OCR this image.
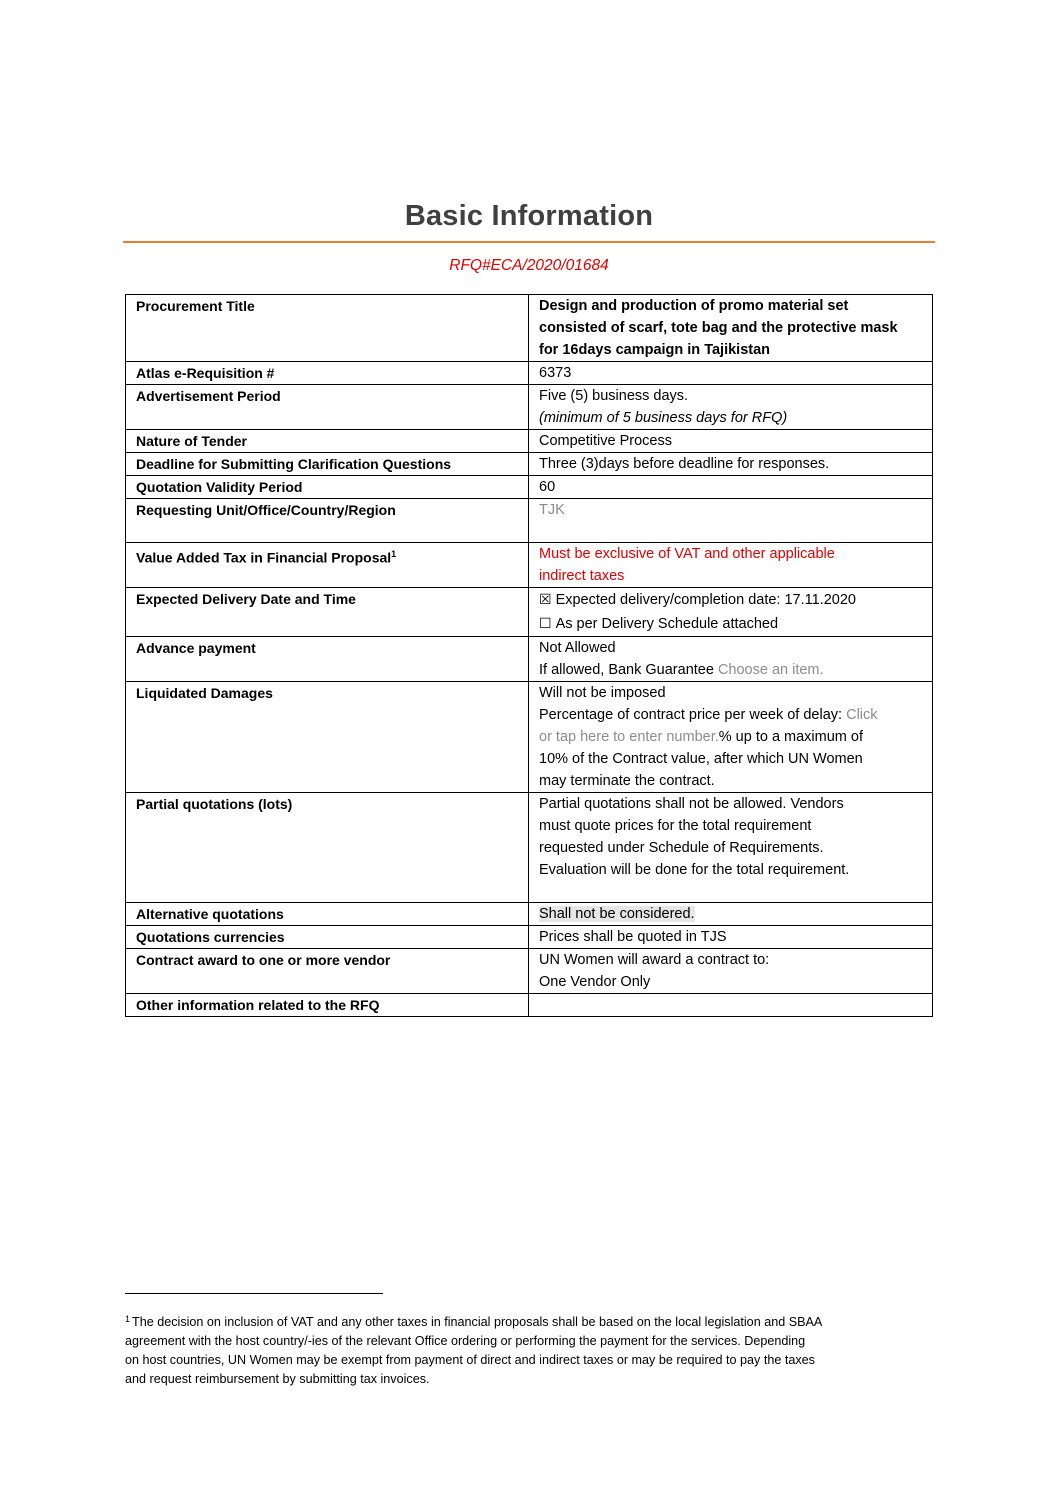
Basic Information
RFQ#ECA/2020/01684
Procurement Title	Design and production of promo material set
consisted of scarf, tote bag and the protective mask
for 16days campaign in Tajikistan

Atlas e-Requisition #	6373
Advertisement Period	Five (5) business days.
(minimum of 5 business days for RFQ)

Nature of Tender	Competitive Process
Deadline for Submitting Clarification Questions	Three (3)days before deadline for responses.
Quotation Validity Period	60
Requesting Unit/Office/Country/Region	TJK
Value Added Tax in Financial Proposal$^1$	Must be exclusive of VAT and other applicable
indirect taxes

Expected Delivery Date and Time	☒ Expected delivery/completion date: 17.11.2020
☐ As per Delivery Schedule attached

Advance payment	Not Allowed
If allowed, Bank Guarantee Choose an item.

Liquidated Damages	Will not be imposed
Percentage of contract price per week of delay: Click
or tap here to enter number.% up to a maximum of
10% of the Contract value, after which UN Women
may terminate the contract.

Partial quotations (lots)	Partial quotations shall not be allowed. Vendors
must quote prices for the total requirement
requested under Schedule of Requirements.
Evaluation will be done for the total requirement.

Alternative quotations	Shall not be considered.
Quotations currencies	Prices shall be quoted in TJS
Contract award to one or more vendor	UN Women will award a contract to:
One Vendor Only

Other information related to the RFQ	

$^1$ The decision on inclusion of VAT and any other taxes in financial proposals shall be based on the local legislation and SBAA
agreement with the host country/-ies of the relevant Office ordering or performing the payment for the services. Depending
on host countries, UN Women may be exempt from payment of direct and indirect taxes or may be required to pay the taxes
and request reimbursement by submitting tax invoices.
